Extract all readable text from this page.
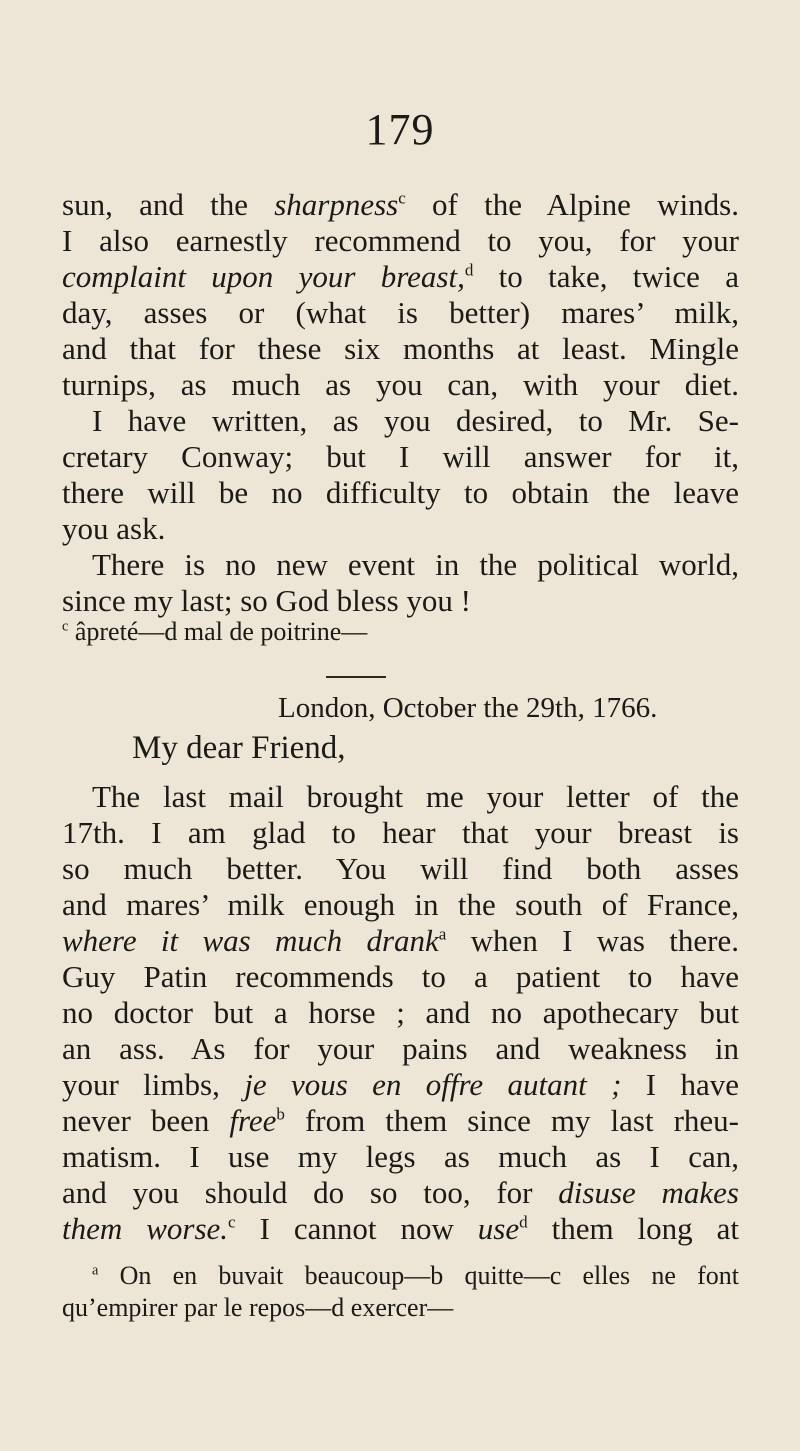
179
sun, and the sharpness$^c$ of the Alpine winds.
I also earnestly recommend to you, for your
complaint upon your breast,$^d$ to take, twice a
day, asses or (what is better) mares’ milk,
and that for these six months at least. Mingle
turnips, as much as you can, with your diet.
I have written, as you desired, to Mr. Se-
cretary Conway; but I will answer for it,
there will be no difficulty to obtain the leave
you ask.
There is no new event in the political world,
since my last; so God bless you !
$^c$ âpreté—d mal de poitrine—
London, October the 29th, 1766.
My dear Friend,
The last mail brought me your letter of the
17th. I am glad to hear that your breast is
so much better. You will find both asses
and mares’ milk enough in the south of France,
where it was much drank$^a$ when I was there.
Guy Patin recommends to a patient to have
no doctor but a horse ; and no apothecary but
an ass. As for your pains and weakness in
your limbs, je vous en offre autant ; I have
never been free$^b$ from them since my last rheu-
matism. I use my legs as much as I can,
and you should do so too, for disuse makes
them worse.$^c$ I cannot now use$^d$ them long at
$^a$ On en buvait beaucoup—b quitte—c elles ne font
qu’empirer par le repos—d exercer—
